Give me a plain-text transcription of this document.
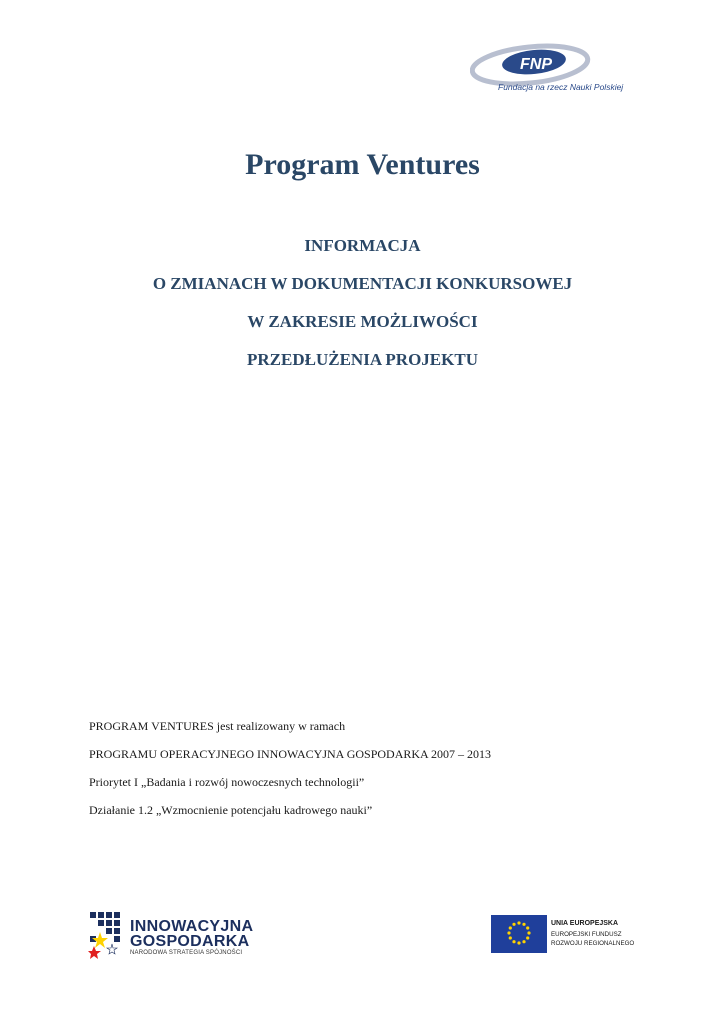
FNP
Fundacja na rzecz Nauki Polskiej
Program Ventures
INFORMACJA
O ZMIANACH W DOKUMENTACJI KONKURSOWEJ
W ZAKRESIE MOŻLIWOŚCI
PRZEDŁUŻENIA PROJEKTU
PROGRAM VENTURES jest realizowany w ramach
PROGRAMU OPERACYJNEGO INNOWACYJNA GOSPODARKA 2007 – 2013
Priorytet I „Badania i rozwój nowoczesnych technologii”
Działanie 1.2 „Wzmocnienie potencjału kadrowego nauki”
INNOWACYJNA
GOSPODARKA
NARODOWA STRATEGIA SPÓJNOŚCI
UNIA EUROPEJSKA
EUROPEJSKI FUNDUSZ
ROZWOJU REGIONALNEGO
